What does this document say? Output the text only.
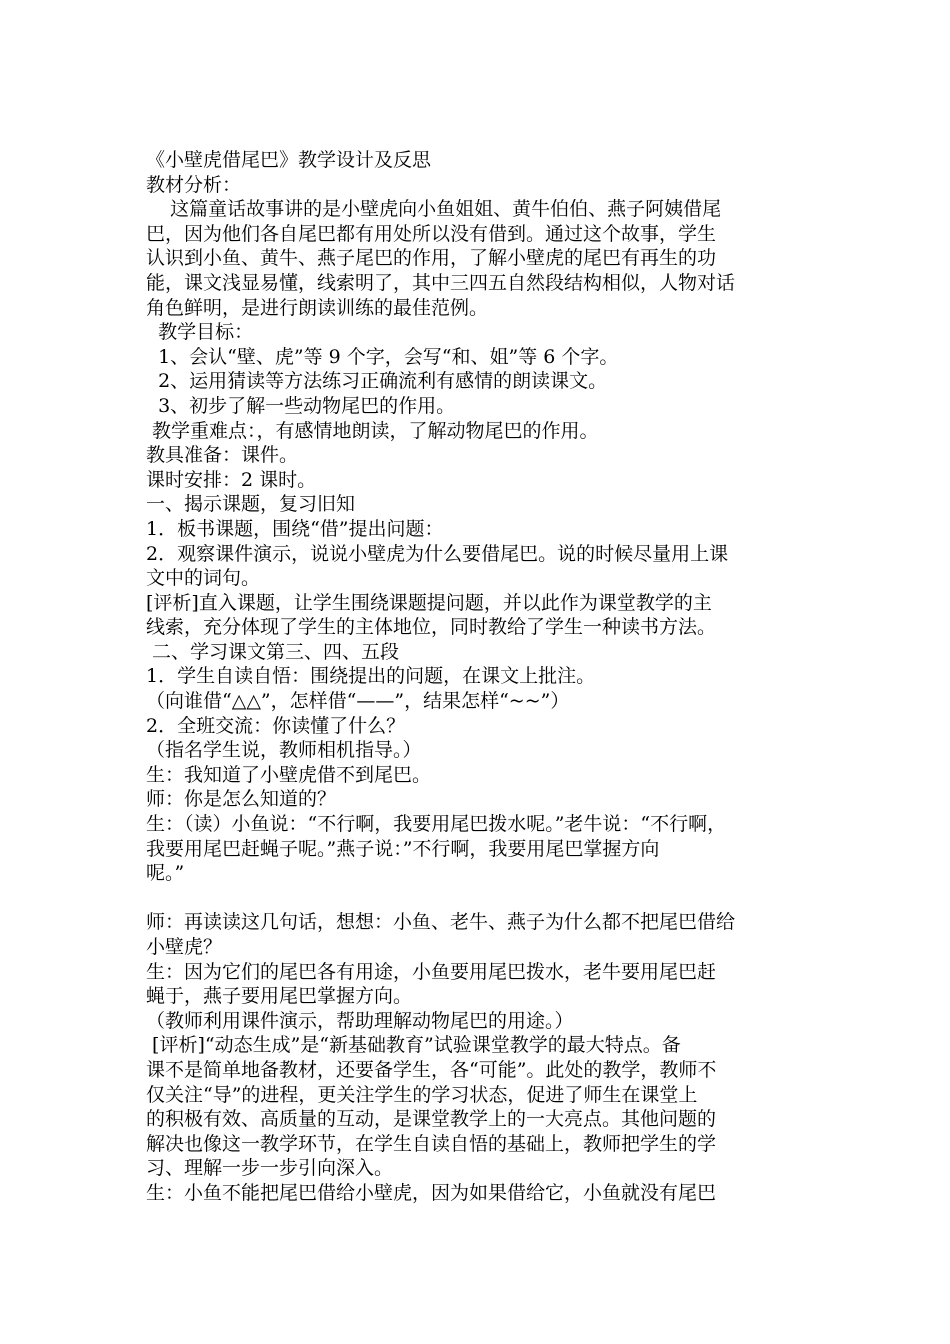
《小壁虎借尾巴》教学设计及反思
教材分析：
这篇童话故事讲的是小壁虎向小鱼姐姐、黄牛伯伯、燕子阿姨借尾
巴，因为他们各自尾巴都有用处所以没有借到。通过这个故事，学生
认识到小鱼、黄牛、燕子尾巴的作用，了解小壁虎的尾巴有再生的功
能，课文浅显易懂，线索明了，其中三四五自然段结构相似，人物对话
角色鲜明，是进行朗读训练的最佳范例。
教学目标：
1、会认“壁、虎”等 9 个字，会写“和、姐”等 6 个字。
2、运用猜读等方法练习正确流利有感情的朗读课文。
3、初步了解一些动物尾巴的作用。
教学重难点：，有感情地朗读，了解动物尾巴的作用。
教具准备：课件。
课时安排：2 课时。
一、揭示课题，复习旧知
1．板书课题，围绕“借”提出问题：
2．观察课件演示，说说小壁虎为什么要借尾巴。说的时候尽量用上课
文中的词句。
[评析]直入课题，让学生围绕课题提问题，并以此作为课堂教学的主
线索，充分体现了学生的主体地位，同时教给了学生一种读书方法。
二、学习课文第三、四、五段
1．学生自读自悟：围绕提出的问题，在课文上批注。
（向谁借“△△”，怎样借“——”，结果怎样“~~”）
2．全班交流：你读懂了什么？
（指名学生说，教师相机指导。）
生：我知道了小壁虎借不到尾巴。
师：你是怎么知道的？
生：（读）小鱼说：“不行啊，我要用尾巴拨水呢。”老牛说：“不行啊，
我要用尾巴赶蝇子呢。”燕子说：”不行啊，我要用尾巴掌握方向
呢。”
师：再读读这几句话，想想：小鱼、老牛、燕子为什么都不把尾巴借给
小壁虎？
生：因为它们的尾巴各有用途，小鱼要用尾巴拨水，老牛要用尾巴赶
蝇于，燕子要用尾巴掌握方向。
（教师利用课件演示，帮助理解动物尾巴的用途。）
[评析]“动态生成”是“新基础教育”试验课堂教学的最大特点。备
课不是简单地备教材，还要备学生，各“可能”。此处的教学，教师不
仅关注“导”的进程，更关注学生的学习状态，促进了师生在课堂上
的积极有效、高质量的互动，是课堂教学上的一大亮点。其他问题的
解决也像这一教学环节，在学生自读自悟的基础上，教师把学生的学
习、理解一步一步引向深入。
生：小鱼不能把尾巴借给小壁虎，因为如果借给它，小鱼就没有尾巴
